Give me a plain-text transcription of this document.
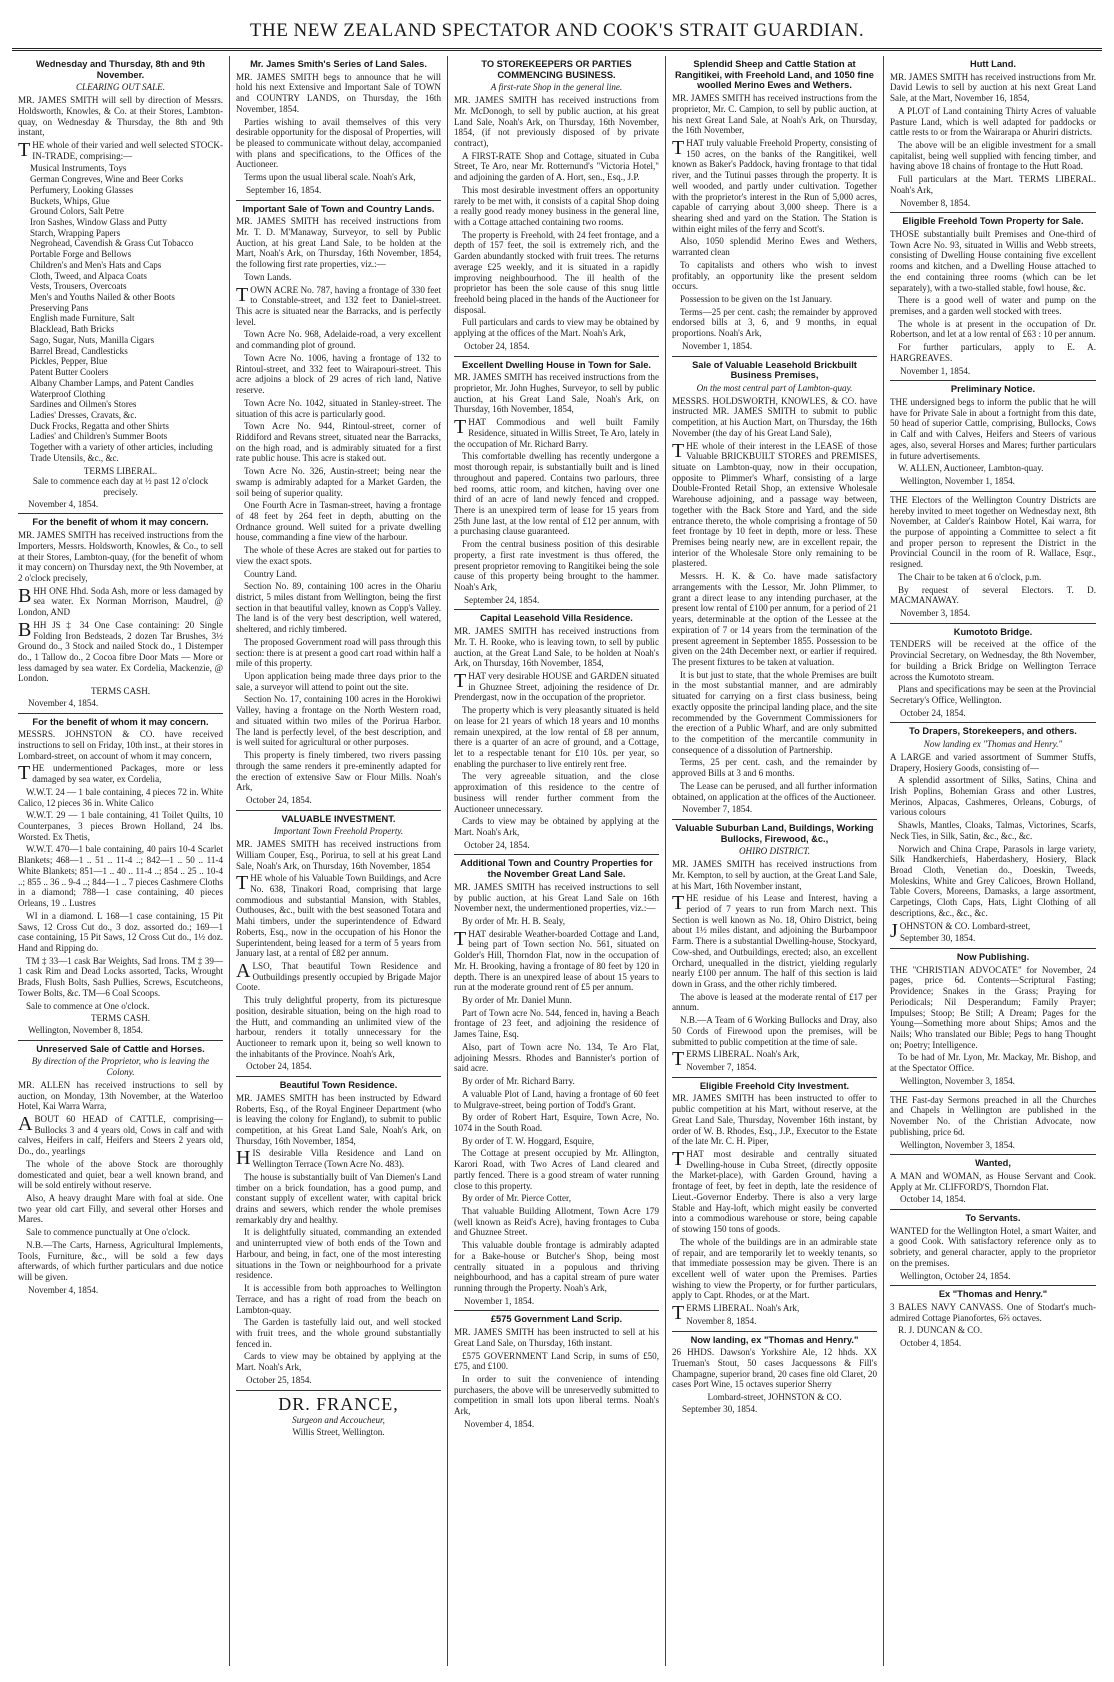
THE NEW ZEALAND SPECTATOR AND COOK'S STRAIT GUARDIAN.
Wednesday and Thursday, 8th and 9th November.
CLEARING OUT SALE.

MR. JAMES SMITH will sell by direction of Messrs. Holdsworth, Knowles, & Co. at their Stores, Lambton-quay, on Wednesday & Thursday, the 8th and 9th instant,

THE whole of their varied and well selected STOCK-IN-TRADE, comprising:—

Musical Instruments, Toys
German Congreves, Wine and Beer Corks
Perfumery, Looking Glasses
Buckets, Whips, Glue
Ground Colors, Salt Petre
Iron Sashes, Window Glass and Putty
Starch, Wrapping Papers
Negrohead, Cavendish & Grass Cut Tobacco
Portable Forge and Bellows
Children's and Men's Hats and Caps
Cloth, Tweed, and Alpaca Coats
Vests, Trousers, Overcoats
Men's and Youths Nailed & other Boots
Preserving Pans
English made Furniture, Salt
Blacklead, Bath Bricks
Sago, Sugar, Nuts, Manilla Cigars
Barrel Bread, Candlesticks
Pickles, Pepper, Blue
Patent Butter Coolers
Albany Chamber Lamps, and Patent Candles
Waterproof Clothing
Sardines and Oilmen's Stores
Ladies' Dresses, Cravats, &c.
Duck Frocks, Regatta and other Shirts
Ladies' and Children's Summer Boots
Together with a variety of other articles, including Trade Utensils, &c., &c.
TERMS LIBERAL.
Sale to commence each day at ½ past 12 o'clock precisely.
November 4, 1854.
For the benefit of whom it may concern.

MR. JAMES SMITH has received instructions from the Importers, Messrs. Holdsworth, Knowles, & Co., to sell at their Stores, Lambton-quay, (for the benefit of whom it may concern) on Thursday next, the 9th November, at 2 o'clock precisely,

BHH ONE Hhd. Soda Ash, more or less damaged by sea water. Ex Norman Morrison, Maudrel, @ London, AND

BHH JS ‡ 34 One Case containing: 20 Single Folding Iron Bedsteads, 2 dozen Tar Brushes, 3½ Ground do., 3 Stock and nailed Stock do., 1 Distemper do., 1 Tallow do., 2 Cocoa fibre Door Mats — More or less damaged by sea water. Ex Cordelia, Mackenzie, @ London.

TERMS CASH.
November 4, 1854.
For the benefit of whom it may concern.

MESSRS. JOHNSTON & CO. have received instructions to sell on Friday, 10th inst., at their stores in Lombard-street, on account of whom it may concern,

THE undermentioned Packages, more or less damaged by sea water, ex Cordelia,

W.W.T. 24 — 1 bale containing, 4 pieces 72 in. White Calico, 12 pieces 36 in. White Calico

W.W.T. 29 — 1 bale containing, 41 Toilet Quilts, 10 Counterpanes, 3 pieces Brown Holland, 24 lbs. Worsted. Ex Thetis,

W.W.T. 470—1 bale containing, 40 pairs 10-4 Scarlet Blankets; 468—1 .. 51 .. 11-4 ..; 842—1 .. 50 .. 11-4 White Blankets; 851—1 .. 40 .. 11-4 ..; 854 .. 25 .. 10-4 ..; 855 .. 36 .. 9-4 ..; 844—1 .. 7 pieces Cashmere Cloths in a diamond; 788—1 case containing, 40 pieces Orleans, 19 .. Lustres

WI in a diamond. L 168—1 case containing, 15 Pit Saws, 12 Cross Cut do., 3 doz. assorted do.; 169—1 case containing, 15 Pit Saws, 12 Cross Cut do., 1½ doz. Hand and Ripping do.

TM ‡ 33—1 cask Bar Weights, Sad Irons. TM ‡ 39—1 cask Rim and Dead Locks assorted, Tacks, Wrought Brads, Flush Bolts, Sash Pullies, Screws, Escutcheons, Tower Bolts, &c. TM—6 Coal Scoops.

Sale to commence at One o'clock.

TERMS CASH.
Wellington, November 8, 1854.
Unreserved Sale of Cattle and Horses.
By direction of the Proprietor, who is leaving the Colony.

MR. ALLEN has received instructions to sell by auction, on Monday, 13th November, at the Waterloo Hotel, Kai Warra Warra,

ABOUT 60 HEAD of CATTLE, comprising—Bullocks 3 and 4 years old, Cows in calf and with calves, Heifers in calf, Heifers and Steers 2 years old, Do., do., yearlings

The whole of the above Stock are thoroughly domesticated and quiet, bear a well known brand, and will be sold entirely without reserve.

Also, A heavy draught Mare with foal at side. One two year old cart Filly, and several other Horses and Mares.

Sale to commence punctually at One o'clock.

N.B.—The Carts, Harness, Agricultural Implements, Tools, Furniture, &c., will be sold a few days afterwards, of which further particulars and due notice will be given.

November 4, 1854.
Mr. James Smith's Series of Land Sales.

MR. JAMES SMITH begs to announce that he will hold his next Extensive and Important Sale of TOWN and COUNTRY LANDS, on Thursday, the 16th November, 1854.

Parties wishing to avail themselves of this very desirable opportunity for the disposal of Properties, will be pleased to communicate without delay, accompanied with plans and specifications, to the Offices of the Auctioneer.

Terms upon the usual liberal scale. Noah's Ark,

September 16, 1854.
Important Sale of Town and Country Lands.

MR. JAMES SMITH has received instructions from Mr. T. D. M'Manaway, Surveyor, to sell by Public Auction, at his great Land Sale, to be holden at the Mart, Noah's Ark, on Thursday, 16th November, 1854, the following first rate properties, viz.:—

Town Lands.

TOWN ACRE No. 787, having a frontage of 330 feet to Constable-street, and 132 feet to Daniel-street. This acre is situated near the Barracks, and is perfectly level.

Town Acre No. 968, Adelaide-road, a very excellent and commanding plot of ground.

Town Acre No. 1006, having a frontage of 132 to Rintoul-street, and 332 feet to Wairapouri-street. This acre adjoins a block of 29 acres of rich land, Native reserve.

Town Acre No. 1042, situated in Stanley-street. The situation of this acre is particularly good.

Town Acre No. 944, Rintoul-street, corner of Riddiford and Revans street, situated near the Barracks, on the high road, and is admirably situated for a first rate public house. This acre is staked out.

Town Acre No. 326, Austin-street; being near the swamp is admirably adapted for a Market Garden, the soil being of superior quality.

One Fourth Acre in Tasman-street, having a frontage of 48 feet by 264 feet in depth, abutting on the Ordnance ground. Well suited for a private dwelling house, commanding a fine view of the harbour.

The whole of these Acres are staked out for parties to view the exact spots.

Country Land.

Section No. 89, containing 100 acres in the Ohariu district, 5 miles distant from Wellington, being the first section in that beautiful valley, known as Copp's Valley. The land is of the very best description, well watered, sheltered, and richly timbered.

The proposed Government road will pass through this section: there is at present a good cart road within half a mile of this property.

Upon application being made three days prior to the sale, a surveyor will attend to point out the site.

Section No. 17, containing 100 acres in the Horokiwi Valley, having a frontage on the North Western road, and situated within two miles of the Porirua Harbor. The land is perfectly level, of the best description, and is well suited for agricultural or other purposes.

This property is finely timbered, two rivers passing through the same renders it pre-eminently adapted for the erection of extensive Saw or Flour Mills. Noah's Ark,

October 24, 1854.
VALUABLE INVESTMENT.
Important Town Freehold Property.

MR. JAMES SMITH has received instructions from William Couper, Esq., Porirua, to sell at his great Land Sale, Noah's Ark, on Thursday, 16th November, 1854

THE whole of his Valuable Town Buildings, and Acre No. 638, Tinakori Road, comprising that large commodious and substantial Mansion, with Stables, Outhouses, &c., built with the best seasoned Totara and Mahi timbers, under the superintendence of Edward Roberts, Esq., now in the occupation of his Honor the Superintendent, being leased for a term of 5 years from January last, at a rental of £82 per annum.

ALSO, That beautiful Town Residence and Outbuildings presently occupied by Brigade Major Coote.

This truly delightful property, from its picturesque position, desirable situation, being on the high road to the Hutt, and commanding an unlimited view of the harbour, renders it totally unnecessary for the Auctioneer to remark upon it, being so well known to the inhabitants of the Province. Noah's Ark,

October 24, 1854.
Beautiful Town Residence.

MR. JAMES SMITH has been instructed by Edward Roberts, Esq., of the Royal Engineer Department (who is leaving the colony for England), to submit to public competition, at his Great Land Sale, Noah's Ark, on Thursday, 16th November, 1854,

HIS desirable Villa Residence and Land on Wellington Terrace (Town Acre No. 483).

The house is substantially built of Van Diemen's Land timber on a brick foundation, has a good pump, and constant supply of excellent water, with capital brick drains and sewers, which render the whole premises remarkably dry and healthy.

It is delightfully situated, commanding an extended and uninterrupted view of both ends of the Town and Harbour, and being, in fact, one of the most interesting situations in the Town or neighbourhood for a private residence.

It is accessible from both approaches to Wellington Terrace, and has a right of road from the beach on Lambton-quay.

The Garden is tastefully laid out, and well stocked with fruit trees, and the whole ground substantially fenced in.

Cards to view may be obtained by applying at the Mart. Noah's Ark,

October 25, 1854.
DR. FRANCE,
Surgeon and Accoucheur,
Willis Street, Wellington.
TO STOREKEEPERS OR PARTIES COMMENCING BUSINESS.
A first-rate Shop in the general line.

MR. JAMES SMITH has received instructions from Mr. McDonogh, to sell by public auction, at his great Land Sale, Noah's Ark, on Thursday, 16th November, 1854, (if not previously disposed of by private contract),

A FIRST-RATE Shop and Cottage, situated in Cuba Street, Te Aro, near Mr. Rotternund's "Victoria Hotel," and adjoining the garden of A. Hort, sen., Esq., J.P.

This most desirable investment offers an opportunity rarely to be met with, it consists of a capital Shop doing a really good ready money business in the general line, with a Cottage attached containing two rooms.

The property is Freehold, with 24 feet frontage, and a depth of 157 feet, the soil is extremely rich, and the Garden abundantly stocked with fruit trees. The returns average £25 weekly, and it is situated in a rapidly improving neighbourhood. The ill health of the proprietor has been the sole cause of this snug little freehold being placed in the hands of the Auctioneer for disposal.

Full particulars and cards to view may be obtained by applying at the offices of the Mart. Noah's Ark,

October 24, 1854.
Excellent Dwelling House in Town for Sale.

MR. JAMES SMITH has received instructions from the proprietor, Mr. John Hughes, Surveyor, to sell by public auction, at his Great Land Sale, Noah's Ark, on Thursday, 16th November, 1854,

THAT Commodious and well built Family Residence, situated in Willis Street, Te Aro, lately in the occupation of Mr. Richard Barry.

This comfortable dwelling has recently undergone a most thorough repair, is substantially built and is lined throughout and papered. Contains two parlours, three bed rooms, attic room, and kitchen, having over one third of an acre of land newly fenced and cropped. There is an unexpired term of lease for 15 years from 25th June last, at the low rental of £12 per annum, with a purchasing clause guaranteed.

From the central business position of this desirable property, a first rate investment is thus offered, the present proprietor removing to Rangitikei being the sole cause of this property being brought to the hammer. Noah's Ark,

September 24, 1854.
Capital Leasehold Villa Residence.

MR. JAMES SMITH has received instructions from Mr. T. H. Rooke, who is leaving town, to sell by public auction, at the Great Land Sale, to be holden at Noah's Ark, on Thursday, 16th November, 1854,

THAT very desirable HOUSE and GARDEN situated in Ghuznee Street, adjoining the residence of Dr. Prendergast, now in the occupation of the proprietor.

The property which is very pleasantly situated is held on lease for 21 years of which 18 years and 10 months remain unexpired, at the low rental of £8 per annum, there is a quarter of an acre of ground, and a Cottage, let to a respectable tenant for £10 10s. per year, so enabling the purchaser to live entirely rent free.

The very agreeable situation, and the close approximation of this residence to the centre of business will render further comment from the Auctioneer unnecessary.

Cards to view may be obtained by applying at the Mart. Noah's Ark,

October 24, 1854.
Additional Town and Country Properties for the November Great Land Sale.

MR. JAMES SMITH has received instructions to sell by public auction, at his Great Land Sale on 16th November next, the undermentioned properties, viz.:—

By order of Mr. H. B. Sealy,

THAT desirable Weather-boarded Cottage and Land, being part of Town section No. 561, situated on Golder's Hill, Thorndon Flat, now in the occupation of Mr. H. Brooking, having a frontage of 80 feet by 120 in depth. There is an unexpired lease of about 15 years to run at the moderate ground rent of £5 per annum.

By order of Mr. Daniel Munn.

Part of Town acre No. 544, fenced in, having a Beach frontage of 23 feet, and adjoining the residence of James Taine, Esq.

Also, part of Town acre No. 134, Te Aro Flat, adjoining Messrs. Rhodes and Bannister's portion of said acre.

By order of Mr. Richard Barry.

A valuable Plot of Land, having a frontage of 60 feet to Mulgrave-street, being portion of Todd's Grant.

By order of Robert Hart, Esquire, Town Acre, No. 1074 in the South Road.

By order of T. W. Hoggard, Esquire,

The Cottage at present occupied by Mr. Allington, Karori Road, with Two Acres of Land cleared and partly fenced. There is a good stream of water running close to this property.

By order of Mr. Pierce Cotter,

That valuable Building Allotment, Town Acre 179 (well known as Reid's Acre), having frontages to Cuba and Ghuznee Street.

This valuable double frontage is admirably adapted for a Bake-house or Butcher's Shop, being most centrally situated in a populous and thriving neighbourhood, and has a capital stream of pure water running through the Property. Noah's Ark,

November 1, 1854.
£575 Government Land Scrip.

MR. JAMES SMITH has been instructed to sell at his Great Land Sale, on Thursday, 16th instant.

£575 GOVERNMENT Land Scrip, in sums of £50, £75, and £100.

In order to suit the convenience of intending purchasers, the above will be unreservedly submitted to competition in small lots upon liberal terms. Noah's Ark,

November 4, 1854.
Splendid Sheep and Cattle Station at Rangitikei, with Freehold Land, and 1050 fine woolled Merino Ewes and Wethers.

MR. JAMES SMITH has received instructions from the proprietor, Mr. C. Campion, to sell by public auction, at his next Great Land Sale, at Noah's Ark, on Thursday, the 16th November,

THAT truly valuable Freehold Property, consisting of 150 acres, on the banks of the Rangitikei, well known as Baker's Paddock, having frontage to that tidal river, and the Tutinui passes through the property. It is well wooded, and partly under cultivation. Together with the proprietor's interest in the Run of 5,000 acres, capable of carrying about 3,000 sheep. There is a shearing shed and yard on the Station. The Station is within eight miles of the ferry and Scott's.

Also, 1050 splendid Merino Ewes and Wethers, warranted clean

To capitalists and others who wish to invest profitably, an opportunity like the present seldom occurs.

Possession to be given on the 1st January.

Terms—25 per cent. cash; the remainder by approved endorsed bills at 3, 6, and 9 months, in equal proportions. Noah's Ark,

November 1, 1854.
Sale of Valuable Leasehold Brickbuilt Business Premises,
On the most central part of Lambton-quay.

MESSRS. HOLDSWORTH, KNOWLES, & CO. have instructed MR. JAMES SMITH to submit to public competition, at his Auction Mart, on Thursday, the 16th November (the day of his Great Land Sale),

THE whole of their interest in the LEASE of those Valuable BRICKBUILT STORES and PREMISES, situate on Lambton-quay, now in their occupation, opposite to Plimmer's Wharf, consisting of a large Double-Fronted Retail Shop, an extensive Wholesale Warehouse adjoining, and a passage way between, together with the Back Store and Yard, and the side entrance thereto, the whole comprising a frontage of 50 feet frontage by 10 feet in depth, more or less. These Premises being nearly new, are in excellent repair, the interior of the Wholesale Store only remaining to be plastered.

Messrs. H. K. & Co. have made satisfactory arrangements with the Lessor, Mr. John Plimmer, to grant a direct lease to any intending purchaser, at the present low rental of £100 per annum, for a period of 21 years, determinable at the option of the Lessee at the expiration of 7 or 14 years from the termination of the present agreement in September 1855. Possession to be given on the 24th December next, or earlier if required. The present fixtures to be taken at valuation.

It is but just to state, that the whole Premises are built in the most substantial manner, and are admirably situated for carrying on a first class business, being exactly opposite the principal landing place, and the site recommended by the Government Commissioners for the erection of a Public Wharf, and are only submitted to the competition of the mercantile community in consequence of a dissolution of Partnership.

Terms, 25 per cent. cash, and the remainder by approved Bills at 3 and 6 months.

The Lease can be perused, and all further information obtained, on application at the offices of the Auctioneer.

November 7, 1854.
Valuable Suburban Land, Buildings, Working Bullocks, Firewood, &c.,
OHIRO DISTRICT.

MR. JAMES SMITH has received instructions from Mr. Kempton, to sell by auction, at the Great Land Sale, at his Mart, 16th November instant,

THE residue of his Lease and Interest, having a period of 7 years to run from March next. This Section is well known as No. 18, Ohiro District, being about 1½ miles distant, and adjoining the Burbampoor Farm. There is a substantial Dwelling-house, Stockyard, Cow-shed, and Outbuildings, erected; also, an excellent Orchard, unequalled in the district, yielding regularly nearly £100 per annum. The half of this section is laid down in Grass, and the other richly timbered.

The above is leased at the moderate rental of £17 per annum.

N.B.—A Team of 6 Working Bullocks and Dray, also 50 Cords of Firewood upon the premises, will be submitted to public competition at the time of sale.

TERMS LIBERAL. Noah's Ark,

November 7, 1854.
Eligible Freehold City Investment.

MR. JAMES SMITH has been instructed to offer to public competition at his Mart, without reserve, at the Great Land Sale, Thursday, November 16th instant, by order of W. B. Rhodes, Esq., J.P., Executor to the Estate of the late Mr. C. H. Piper,

THAT most desirable and centrally situated Dwelling-house in Cuba Street, (directly opposite the Market-place), with Garden Ground, having a frontage of feet, by feet in depth, late the residence of Lieut.-Governor Enderby. There is also a very large Stable and Hay-loft, which might easily be converted into a commodious warehouse or store, being capable of stowing 150 tons of goods.

The whole of the buildings are in an admirable state of repair, and are temporarily let to weekly tenants, so that immediate possession may be given. There is an excellent well of water upon the Premises. Parties wishing to view the Property, or for further particulars, apply to Capt. Rhodes, or at the Mart.

TERMS LIBERAL. Noah's Ark,

November 8, 1854.
Now landing, ex "Thomas and Henry."

26 HHDS. Dawson's Yorkshire Ale, 12 hhds. XX Trueman's Stout, 50 cases Jacquessons & Fill's Champagne, superior brand, 20 cases fine old Claret, 20 cases Port Wine, 15 octaves superior Sherry

Lombard-street, JOHNSTON & CO.
September 30, 1854.
Hutt Land.

MR. JAMES SMITH has received instructions from Mr. David Lewis to sell by auction at his next Great Land Sale, at the Mart, November 16, 1854,

A PLOT of Land containing Thirty Acres of valuable Pasture Land, which is well adapted for paddocks or cattle rests to or from the Wairarapa or Ahuriri districts.

The above will be an eligible investment for a small capitalist, being well supplied with fencing timber, and having above 18 chains of frontage to the Hutt Road.

Full particulars at the Mart. TERMS LIBERAL. Noah's Ark,

November 8, 1854.
Eligible Freehold Town Property for Sale.

THOSE substantially built Premises and One-third of Town Acre No. 93, situated in Willis and Webb streets, consisting of Dwelling House containing five excellent rooms and kitchen, and a Dwelling House attached to the end containing three rooms (which can be let separately), with a two-stalled stable, fowl house, &c.

There is a good well of water and pump on the premises, and a garden well stocked with trees.

The whole is at present in the occupation of Dr. Robertson, and let at a low rental of £63 : 10 per annum.

For further particulars, apply to E. A. HARGREAVES.

November 1, 1854.
Preliminary Notice.

THE undersigned begs to inform the public that he will have for Private Sale in about a fortnight from this date, 50 head of superior Cattle, comprising, Bullocks, Cows in Calf and with Calves, Heifers and Steers of various ages, also, several Horses and Mares; further particulars in future advertisements.

W. ALLEN, Auctioneer, Lambton-quay.

Wellington, November 1, 1854.

THE Electors of the Wellington Country Districts are hereby invited to meet together on Wednesday next, 8th November, at Calder's Rainbow Hotel, Kai warra, for the purpose of appointing a Committee to select a fit and proper person to represent the District in the Provincial Council in the room of R. Wallace, Esqr., resigned.

The Chair to be taken at 6 o'clock, p.m.

By request of several Electors. T. D. MACMANAWAY.

November 3, 1854.
Kumototo Bridge.

TENDERS will be received at the office of the Provincial Secretary, on Wednesday, the 8th November, for building a Brick Bridge on Wellington Terrace across the Kumototo stream.

Plans and specifications may be seen at the Provincial Secretary's Office, Wellington.

October 24, 1854.
To Drapers, Storekeepers, and others.
Now landing ex "Thomas and Henry."

A LARGE and varied assortment of Summer Stuffs, Drapery, Hosiery Goods, consisting of—

A splendid assortment of Silks, Satins, China and Irish Poplins, Bohemian Grass and other Lustres, Merinos, Alpacas, Cashmeres, Orleans, Coburgs, of various colours

Shawls, Mantles, Cloaks, Talmas, Victorines, Scarfs, Neck Ties, in Silk, Satin, &c., &c., &c.

Norwich and China Crape, Parasols in large variety, Silk Handkerchiefs, Haberdashery, Hosiery, Black Broad Cloth, Venetian do., Doeskin, Tweeds, Moleskins, White and Grey Calicoes, Brown Holland, Table Covers, Moreens, Damasks, a large assortment, Carpetings, Cloth Caps, Hats, Light Clothing of all descriptions, &c., &c., &c.

JOHNSTON & CO. Lombard-street,

September 30, 1854.
Now Publishing.

THE "CHRISTIAN ADVOCATE" for November, 24 pages, price 6d. Contents—Scriptural Fasting; Providence; Snakes in the Grass; Praying for Periodicals; Nil Desperandum; Family Prayer; Impulses; Stoop; Be Still; A Dream; Pages for the Young—Something more about Ships; Amos and the Nails; Who translated our Bible; Pegs to hang Thought on; Poetry; Intelligence.

To be had of Mr. Lyon, Mr. Mackay, Mr. Bishop, and at the Spectator Office.

Wellington, November 3, 1854.

THE Fast-day Sermons preached in all the Churches and Chapels in Wellington are published in the November No. of the Christian Advocate, now publishing, price 6d.

Wellington, November 3, 1854.
Wanted,

A MAN and WOMAN, as House Servant and Cook. Apply at Mr. CLIFFORD'S, Thorndon Flat.

October 14, 1854.
To Servants.

WANTED for the Wellington Hotel, a smart Waiter, and a good Cook. With satisfactory reference only as to sobriety, and general character, apply to the proprietor on the premises.

Wellington, October 24, 1854.
Ex "Thomas and Henry."

3 BALES NAVY CANVASS. One of Stodart's much-admired Cottage Pianofortes, 6⅔ octaves.

R. J. DUNCAN & CO.

October 4, 1854.
